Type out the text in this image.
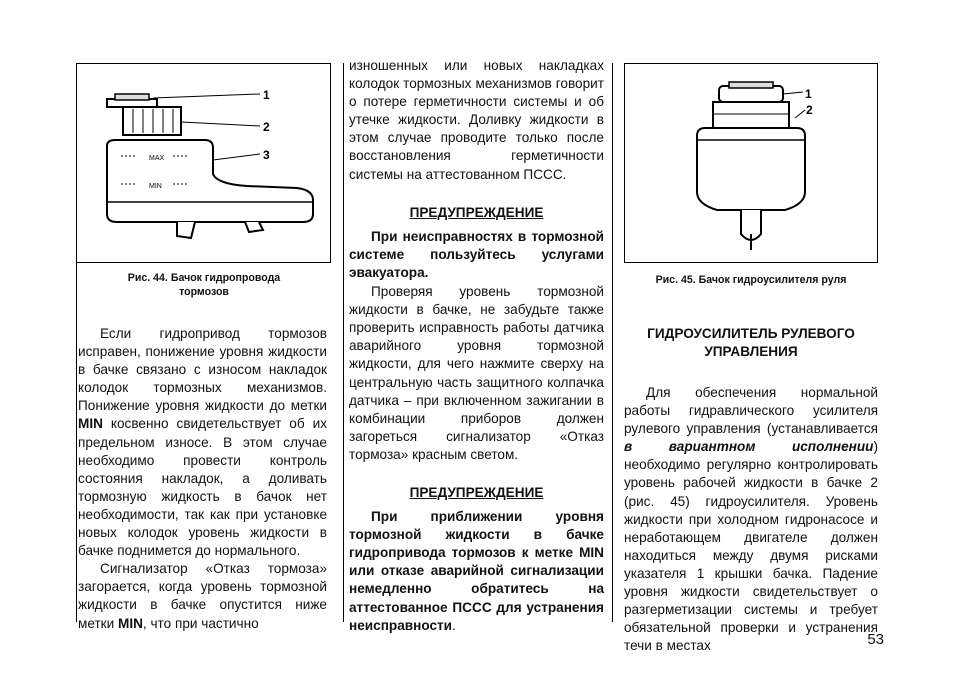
MAX
MIN
1
2
3
Рис. 44. Бачок гидропровода
тормозов

Если гидропривод тормозов исправен, понижение уровня жидкости в бачке связано с износом накладок колодок тормозных механизмов. Понижение уровня жидкости до метки MIN косвенно свидетельствует об их предельном износе. В этом случае необходимо провести контроль состояния накладок, а доливать тормозную жидкость в бачок нет необходимости, так как при установке новых колодок уровень жидкости в бачке поднимется до нормального.

Сигнализатор «Отказ тормоза» загорается, когда уровень тормозной жидкости в бачке опустится ниже метки MIN, что при частично

изношенных или новых накладках колодок тормозных механизмов говорит о потере герметичности системы и об утечке жидкости. Доливку жидкости в этом случае проводите только после восстановления герметичности системы на аттестованном ПССС.

ПРЕДУПРЕЖДЕНИЕ

При неисправностях в тормозной системе пользуйтесь услугами эвакуатора.

Проверяя уровень тормозной жидкости в бачке, не забудьте также проверить исправность работы датчика аварийного уровня тормозной жидкости, для чего нажмите сверху на центральную часть защитного колпачка датчика – при включенном зажигании в комбинации приборов должен загореться сигнализатор «Отказ тормоза» красным светом.

ПРЕДУПРЕЖДЕНИЕ

При приближении уровня тормозной жидкости в бачке гидропривода тормозов к метке MIN или отказе аварийной сигнализации немедленно обратитесь на аттестованное ПССС для устранения неисправности.

1
2
Рис. 45. Бачок гидроусилителя руля
ГИДРОУСИЛИТЕЛЬ РУЛЕВОГО
УПРАВЛЕНИЯ

Для обеспечения нормальной работы гидравлического усилителя рулевого управления (устанавливается в вариантном исполнении) необходимо регулярно контролировать уровень рабочей жидкости в бачке 2 (рис. 45) гидроусилителя. Уровень жидкости при холодном гидронасосе и неработающем двигателе должен находиться между двумя рисками указателя 1 крышки бачка. Падение уровня жидкости свидетельствует о разгерметизации системы и требует обязательной проверки и устранения течи в местах	53
